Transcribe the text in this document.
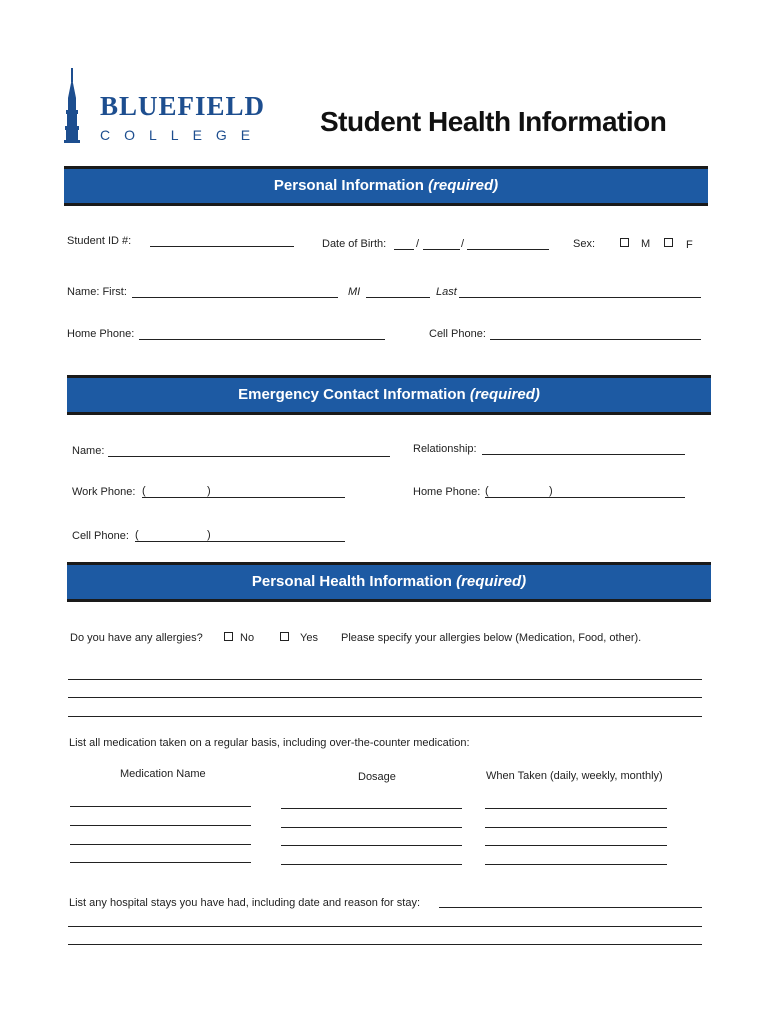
BLUEFIELD
COLLEGE Student Health Information
Personal Information (required)
Student ID #:	Date of Birth:	/	/	Sex:	M	F
Name: First:	MI	Last
Home Phone:	Cell Phone:
Emergency Contact Information (required)
Name:	Relationship:
Work Phone: (	)	Home Phone: (	)
Cell Phone: (	)
Personal Health Information (required)
Do you have any allergies?	No	Yes Please specify your allergies below (Medication, Food, other).
List all medication taken on a regular basis, including over-the-counter medication:
Medication Name	Dosage	When Taken (daily, weekly, monthly)
List any hospital stays you have had, including date and reason for stay:
